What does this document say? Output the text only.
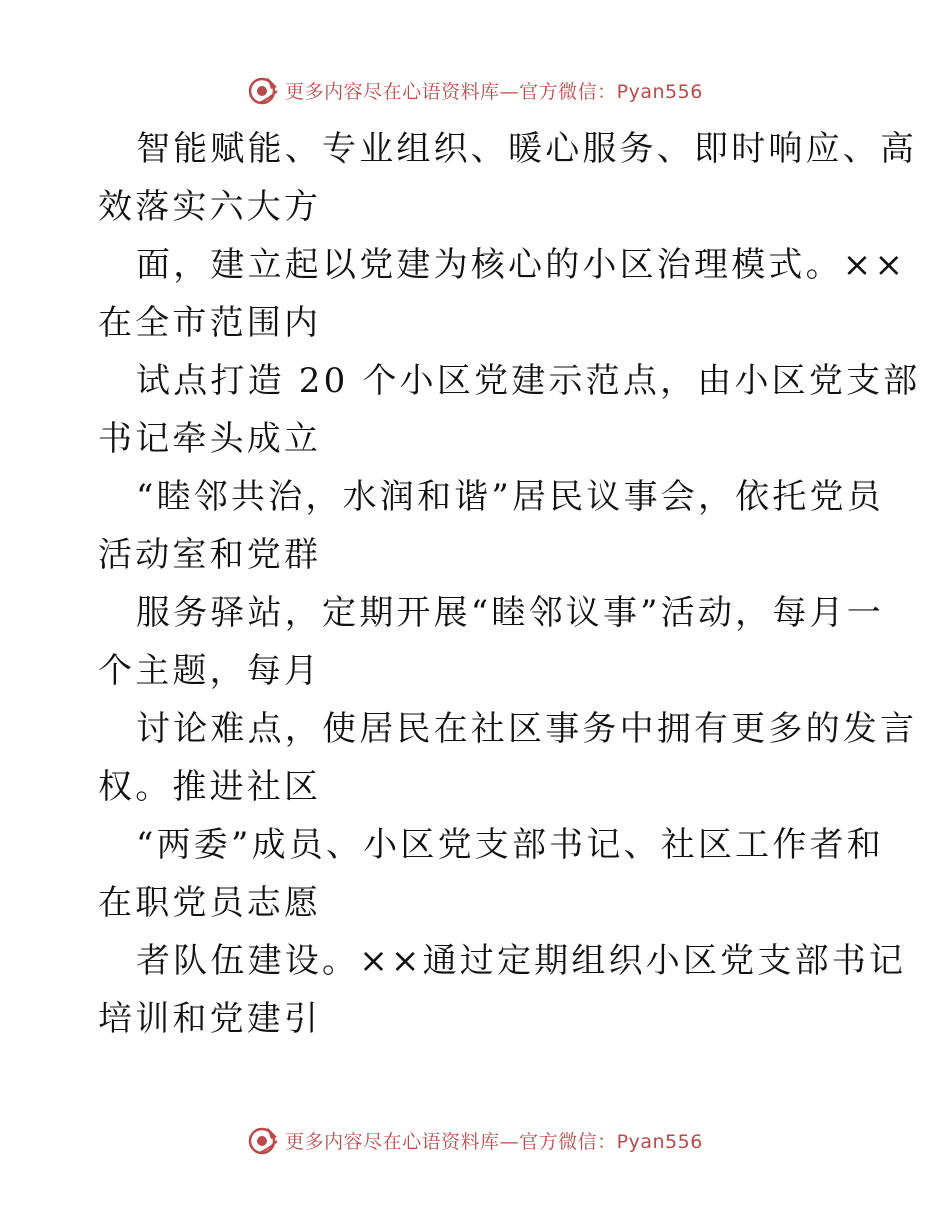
更多内容尽在心语资料库—官方微信：Pyan556

智能赋能、专业组织、暖心服务、即时响应、高
效落实六大方

面，建立起以党建为核心的小区治理模式。××
在全市范围内

试点打造 20 个小区党建示范点，由小区党支部
书记牵头成立

“睦邻共治，水润和谐”居民议事会，依托党员
活动室和党群

服务驿站，定期开展“睦邻议事”活动，每月一
个主题，每月

讨论难点，使居民在社区事务中拥有更多的发言
权。推进社区

“两委”成员、小区党支部书记、社区工作者和
在职党员志愿

者队伍建设。××通过定期组织小区党支部书记
培训和党建引

更多内容尽在心语资料库—官方微信：Pyan556
